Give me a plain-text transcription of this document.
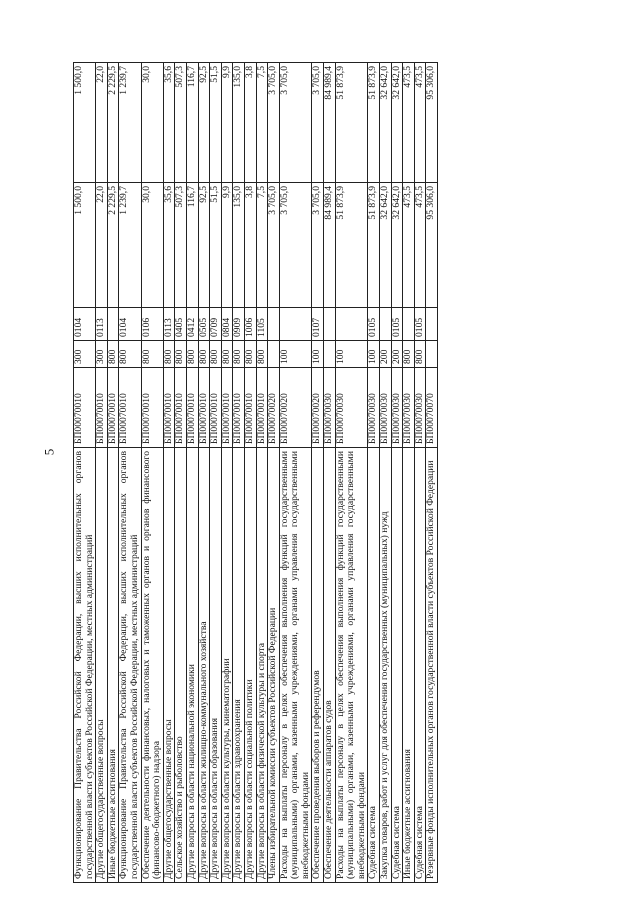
5 Функционирование Правительства Российской Федерации, высших исполнительных органов государственной власти субъектов Российской Федерации, местных администраций	БП00070010	300	0104	1 500,0	1 500,0
Другие общегосударственные вопросы	БП00070010	300	0113	22,0	22,0
Иные бюджетные ассигнования	БП00070010	800		2 229,5	2 229,5
Функционирование Правительства Российской Федерации, высших исполнительных органов государственной власти субъектов Российской Федерации, местных администраций	БП00070010	800	0104	1 239,7	1 239,7
Обеспечение деятельности финансовых, налоговых и таможенных органов и органов финансового (финансово-бюджетного) надзора	БП00070010	800	0106	30,0	30,0
Другие общегосударственные вопросы	БП00070010	800	0113	35,6	35,6
Сельское хозяйство и рыболовство	БП00070010	800	0405	507,3	507,3
Другие вопросы в области национальной экономики	БП00070010	800	0412	116,7	116,7
Другие вопросы в области жилищно-коммунального хозяйства	БП00070010	800	0505	92,5	92,5
Другие вопросы в области образования	БП00070010	800	0709	51,5	51,5
Другие вопросы в области культуры, кинематографии	БП00070010	800	0804	9,9	9,9
Другие вопросы в области здравоохранения	БП00070010	800	0909	135,0	135,0
Другие вопросы в области социальной политики	БП00070010	800	1006	3,8	3,8
Другие вопросы в области физической культуры и спорта	БП00070010	800	1105	7,5	7,5
Члены избирательной комиссии субъектов Российской Федерации	БП00070020			3 705,0	3 705,0
Расходы на выплаты персоналу в целях обеспечения выполнения функций государственными (муниципальными) органами, казенными учреждениями, органами управления государственными внебюджетными фондами	БП00070020	100		3 705,0	3 705,0
Обеспечение проведения выборов и референдумов	БП00070020	100	0107	3 705,0	3 705,0
Обеспечение деятельности аппаратов судов	БП00070030			84 989,4	84 989,4
Расходы на выплаты персоналу в целях обеспечения выполнения функций государственными (муниципальными) органами, казенными учреждениями, органами управления государственными внебюджетными фондами	БП00070030	100		51 873,9	51 873,9
Судебная система	БП00070030	100	0105	51 873,9	51 873,9
Закупка товаров, работ и услуг для обеспечения государственных (муниципальных) нужд	БП00070030	200		32 642,0	32 642,0
Судебная система	БП00070030	200	0105	32 642,0	32 642,0
Иные бюджетные ассигнования	БП00070030	800		473,5	473,5
Судебная система	БП00070030	800	0105	473,5	473,5
Резервные фонды исполнительных органов государственной власти субъектов Российской Федерации	БП00070070			95 306,0	95 306,0
